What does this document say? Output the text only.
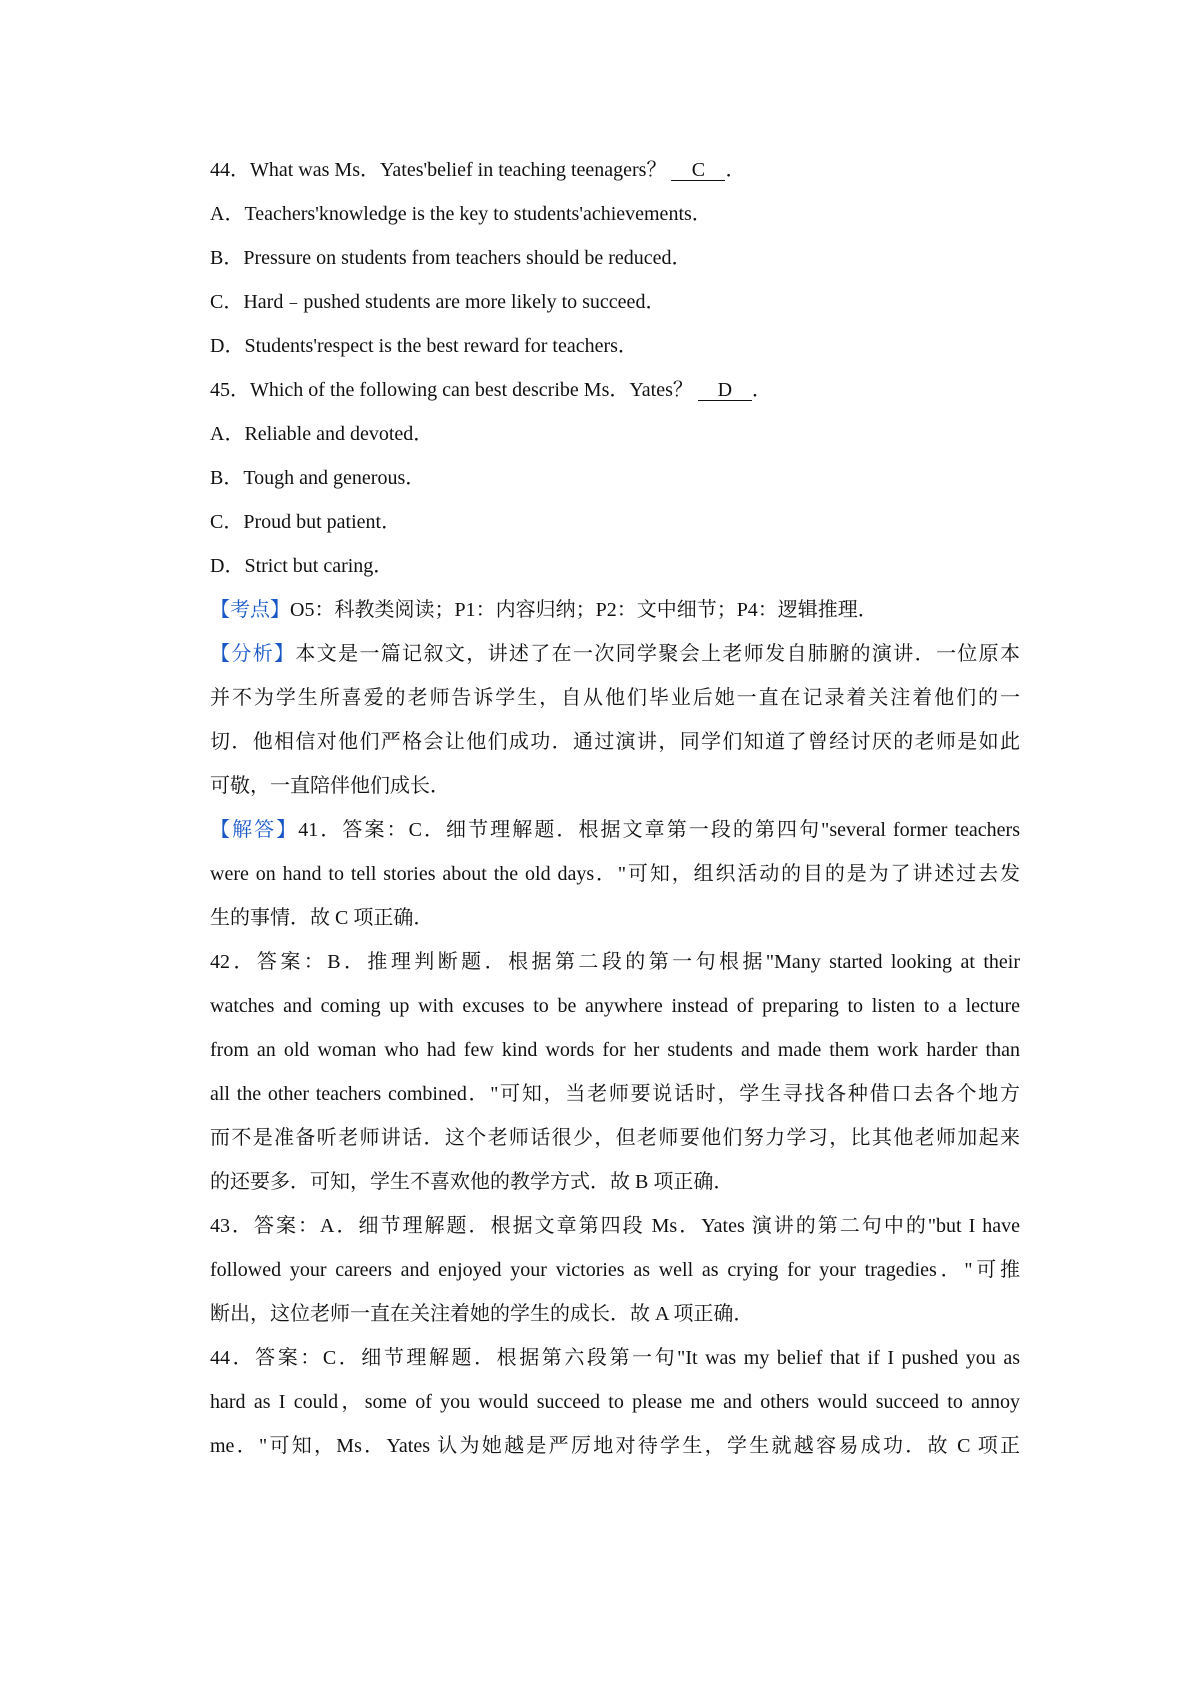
44．What was Ms．Yates'belief in teaching teenagers？ C ．
A．Teachers'knowledge is the key to students'achievements．
B．Pressure on students from teachers should be reduced．
C．Hard﹣pushed students are more likely to succeed．
D．Students'respect is the best reward for teachers．
45．Which of the following can best describe Ms．Yates？ D ．
A．Reliable and devoted．
B．Tough and generous．
C．Proud but patient．
D．Strict but caring．
【考点】O5：科教类阅读；P1：内容归纳；P2：文中细节；P4：逻辑推理．
【分析】本文是一篇记叙文，讲述了在一次同学聚会上老师发自肺腑的演讲．一位原本
并不为学生所喜爱的老师告诉学生，自从他们毕业后她一直在记录着关注着他们的一
切．他相信对他们严格会让他们成功．通过演讲，同学们知道了曾经讨厌的老师是如此
可敬，一直陪伴他们成长．
【解答】41．答案：C．细节理解题．根据文章第一段的第四句"several former teachers
were on hand to tell stories about the old days．"可知，组织活动的目的是为了讲述过去发
生的事情．故 C 项正确．
42．答案：B．推理判断题．根据第二段的第一句根据"Many started looking at their
watches and coming up with excuses to be anywhere instead of preparing to listen to a lecture
from an old woman who had few kind words for her students and made them work harder than
all the other teachers combined．"可知，当老师要说话时，学生寻找各种借口去各个地方
而不是准备听老师讲话．这个老师话很少，但老师要他们努力学习，比其他老师加起来
的还要多．可知，学生不喜欢他的教学方式．故 B 项正确．
43．答案：A．细节理解题．根据文章第四段 Ms．Yates 演讲的第二句中的"but I have
followed your careers and enjoyed your victories as well as crying for your tragedies．"可推
断出，这位老师一直在关注着她的学生的成长．故 A 项正确．
44．答案：C．细节理解题．根据第六段第一句"It was my belief that if I pushed you as
hard as I could，some of you would succeed to please me and others would succeed to annoy
me．"可知，Ms．Yates 认为她越是严厉地对待学生，学生就越容易成功．故 C 项正
